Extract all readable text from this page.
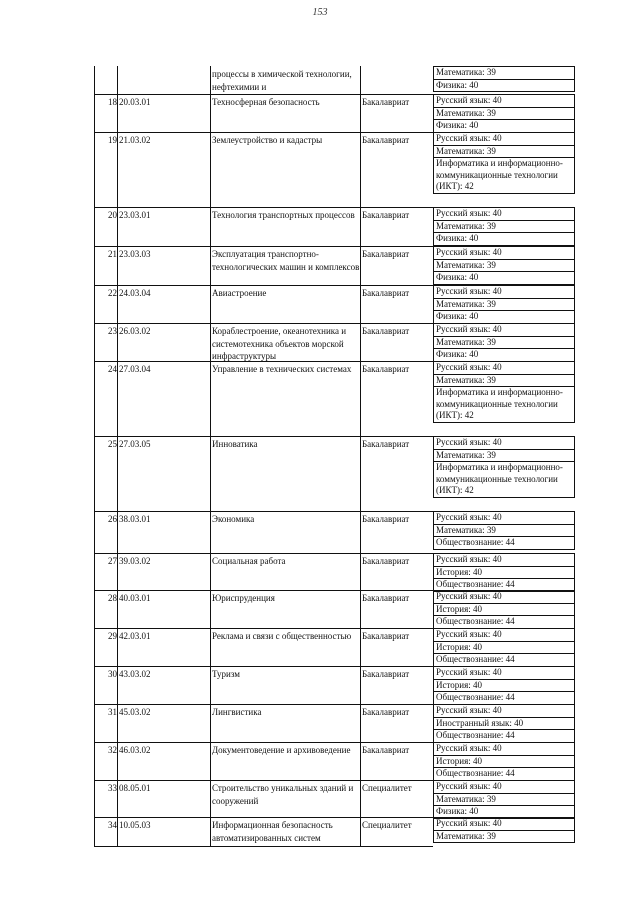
153
процессы в химической технологии, нефтехимии и
Математика: 39
Физика: 40
18 20.03.01	Техносферная безопасность	Бакалавриат	Русский язык: 40
Математика: 39
Физика: 40
19 21.03.02	Землеустройство и кадастры	Бакалавриат	Русский язык: 40
Математика: 39
Информатика и информационно-коммуникационные технологии (ИКТ): 42
20 23.03.01	Технология транспортных процессов Бакалавриат	Русский язык: 40
Математика: 39
Физика: 40
21 23.03.03	Эксплуатация транспортно-технологических машин и комплексов
Бакалавриат	Русский язык: 40
Математика: 39
Физика: 40
22 24.03.04	Авиастроение	Бакалавриат	Русский язык: 40
Математика: 39
Физика: 40
23 26.03.02	Кораблестроение, океанотехника и системотехника объектов морской инфраструктуры
Бакалавриат	Русский язык: 40
Математика: 39
Физика: 40
24 27.03.04	Управление в технических системах	Бакалавриат	Русский язык: 40
Математика: 39
Информатика и информационно-коммуникационные технологии (ИКТ): 42
25 27.03.05	Инноватика	Бакалавриат	Русский язык: 40
Математика: 39
Информатика и информационно-коммуникационные технологии (ИКТ): 42
26 38.03.01	Экономика	Бакалавриат	Русский язык: 40
Математика: 39
Обществознание: 44
27 39.03.02	Социальная работа	Бакалавриат	Русский язык: 40
История: 40
Обществознание: 44
28 40.03.01	Юриспруденция	Бакалавриат	Русский язык: 40
История: 40
Обществознание: 44
29 42.03.01	Реклама и связи с общественностью	Бакалавриат	Русский язык: 40
История: 40
Обществознание: 44
30 43.03.02	Туризм	Бакалавриат	Русский язык: 40
История: 40
Обществознание: 44
31 45.03.02	Лингвистика	Бакалавриат	Русский язык: 40
Иностранный язык: 40
Обществознание: 44
32 46.03.02	Документоведение и архивоведение	Бакалавриат	Русский язык: 40
История: 40
Обществознание: 44
33 08.05.01	Строительство уникальных зданий и сооружений
Специалитет	Русский язык: 40
Математика: 39
Физика: 40
34 10.05.03	Информационная безопасность автоматизированных систем
Специалитет	Русский язык: 40
Математика: 39
